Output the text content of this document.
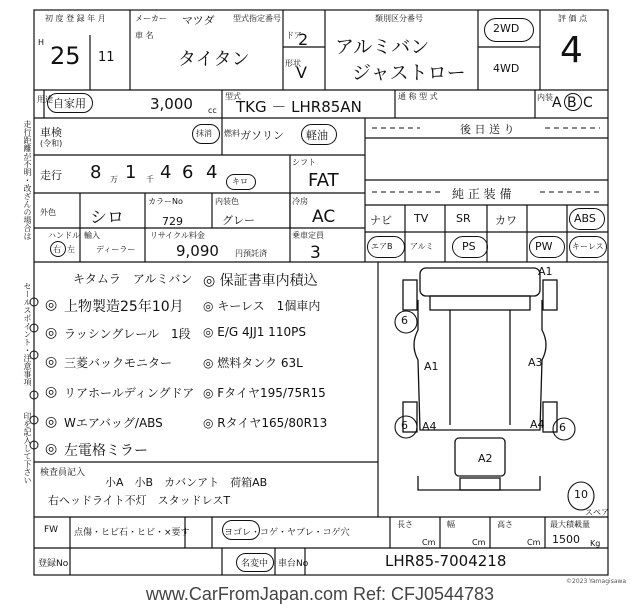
初 度 登 録 年 月
H 25 11
メーカー マツダ
車 名
タイタン
ドア
2
形状
V
型式指定番号	類別区分番号
アルミバン
ジャストロー
2WD
4WD
評 価 点
4
用途 自家用	3,000 cc
型式
TKG － LHR85AN
通 称 型 式	内装 A B C
車検
(令和)
抹消 燃料 ガソリン 軽油	後 日 送 り
走行 8 万 1 千 4 6 4 キロ
シフト
FAT
純 正 装 備
外色 シロ
カラーNo
729
内装色
グレー
冷房
AC	ナビ TV	SR カワ	ABS
ハンドル
右 左
輸入
ディーラー
リサイクル料金
9,090 円預託済
乗車定員
3	エアB アルミ	PS	PW キーレス
走行距離が不明・改ざんの場合は
セールスポイント・注意事項
印を記入して下さい
キタムラ　アルミバン ◎ 保証書車内積込
◎ 上物製造25年10月 ◎ キーレス　1個車内
◎ ラッシングレール　1段 ◎ E/G 4JJ1 110PS
◎ 三菱バックモニター	◎ 燃料タンク 63L
◎ リアホールディングドア ◎ Fタイヤ195/75R15
◎ Wエアバッグ/ABS	◎ Rタイヤ165/80R13
◎ 左電格ミラー
検査員記入
小A　小B　カバンアト　荷箱AB
右ヘッドライト不灯　スタッドレスT
A1
6
A1	A3
6 A4	A4 6
A2
スペア
10
FW 点傷・ヒビ石・ヒビ・×要す	ヨゴレ・コゲ・ヤブレ・コゲ穴
長さ
Cm
幅
Cm
高さ
Cm
最大積載量
1500 Kg
登録No	名変中 車台No	LHR85-7004218
©2023 Yamagisawa
www.CarFromJapan.com Ref: CFJ0544783
